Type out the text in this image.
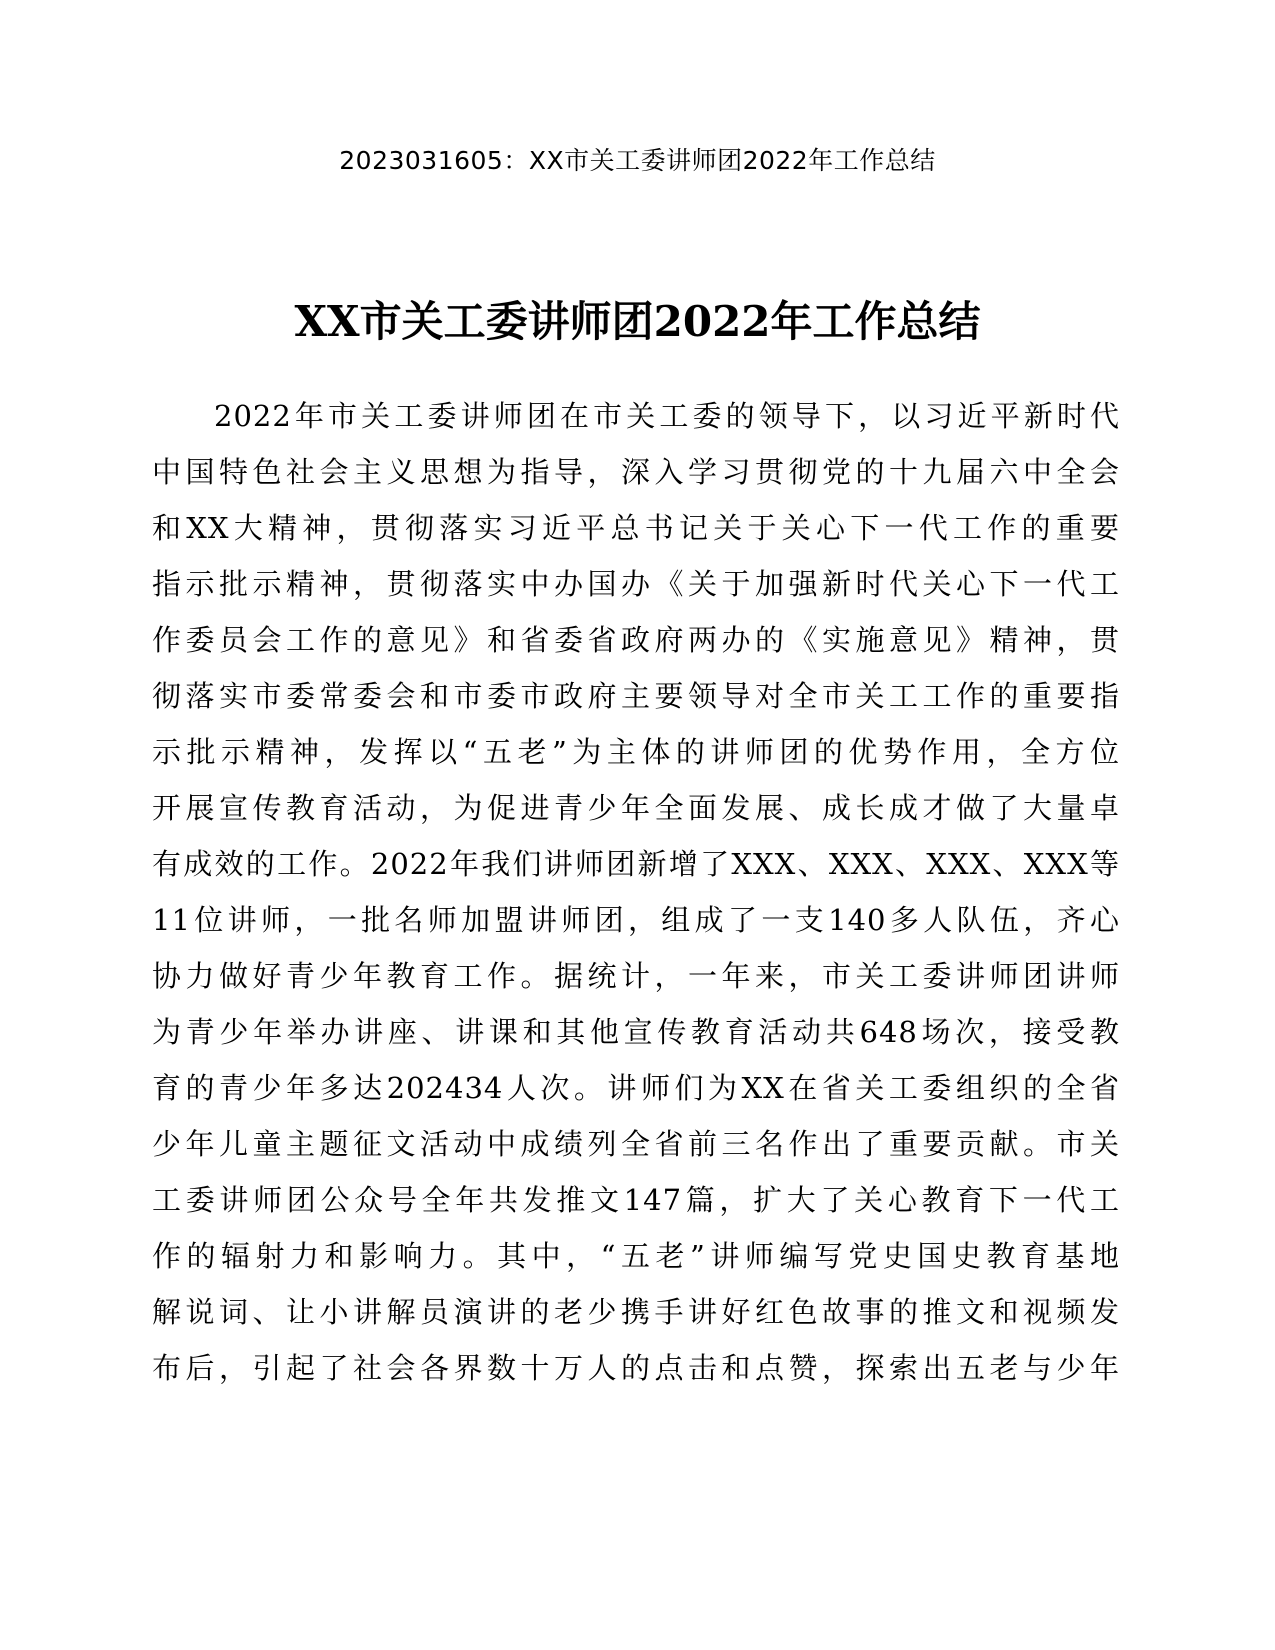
2023031605：XX市关工委讲师团2022年工作总结
XX市关工委讲师团2022年工作总结
2022年市关工委讲师团在市关工委的领导下，以习近平新时代
中国特色社会主义思想为指导，深入学习贯彻党的十九届六中全会
和XX大精神，贯彻落实习近平总书记关于关心下一代工作的重要
指示批示精神，贯彻落实中办国办《关于加强新时代关心下一代工
作委员会工作的意见》和省委省政府两办的《实施意见》精神，贯
彻落实市委常委会和市委市政府主要领导对全市关工工作的重要指
示批示精神，发挥以“五老”为主体的讲师团的优势作用，全方位
开展宣传教育活动，为促进青少年全面发展、成长成才做了大量卓
有成效的工作。2022年我们讲师团新增了XXX、XXX、XXX、XXX等
11位讲师，一批名师加盟讲师团，组成了一支140多人队伍，齐心
协力做好青少年教育工作。据统计，一年来，市关工委讲师团讲师
为青少年举办讲座、讲课和其他宣传教育活动共648场次，接受教
育的青少年多达202434人次。讲师们为XX在省关工委组织的全省
少年儿童主题征文活动中成绩列全省前三名作出了重要贡献。市关
工委讲师团公众号全年共发推文147篇，扩大了关心教育下一代工
作的辐射力和影响力。其中，“五老”讲师编写党史国史教育基地
解说词、让小讲解员演讲的老少携手讲好红色故事的推文和视频发
布后，引起了社会各界数十万人的点击和点赞，探索出五老与少年
